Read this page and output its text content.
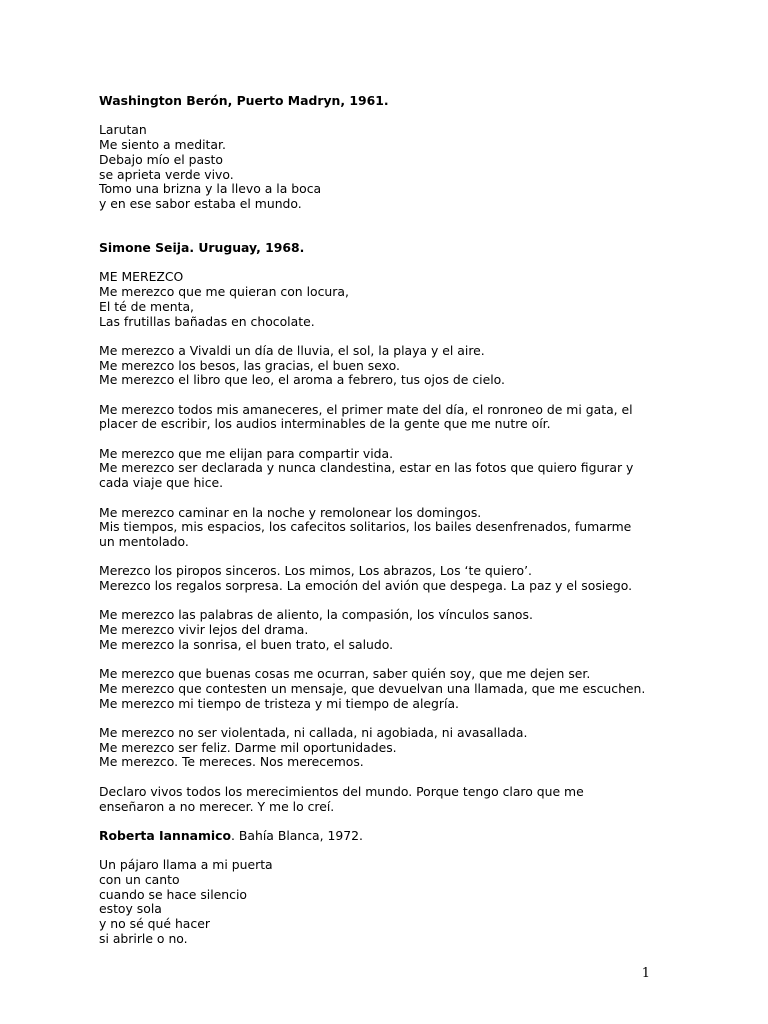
Washington Berón, Puerto Madryn, 1961.

Larutan
Me siento a meditar.
Debajo mío el pasto
se aprieta verde vivo.
Tomo una brizna y la llevo a la boca
y en ese sabor estaba el mundo.

Simone Seija. Uruguay, 1968.

ME MEREZCO
Me merezco que me quieran con locura,
El té de menta,
Las frutillas bañadas en chocolate.
Me merezco a Vivaldi un día de lluvia, el sol, la playa y el aire.
Me merezco los besos, las gracias, el buen sexo.
Me merezco el libro que leo, el aroma a febrero, tus ojos de cielo.
Me merezco todos mis amaneceres, el primer mate del día, el ronroneo de mi gata, el
placer de escribir, los audios interminables de la gente que me nutre oír.
Me merezco que me elijan para compartir vida.
Me merezco ser declarada y nunca clandestina, estar en las fotos que quiero figurar y
cada viaje que hice.
Me merezco caminar en la noche y remolonear los domingos.
Mis tiempos, mis espacios, los cafecitos solitarios, los bailes desenfrenados, fumarme
un mentolado.
Merezco los piropos sinceros. Los mimos, Los abrazos, Los ‘te quiero’.
Merezco los regalos sorpresa. La emoción del avión que despega. La paz y el sosiego.
Me merezco las palabras de aliento, la compasión, los vínculos sanos.
Me merezco vivir lejos del drama.
Me merezco la sonrisa, el buen trato, el saludo.
Me merezco que buenas cosas me ocurran, saber quién soy, que me dejen ser.
Me merezco que contesten un mensaje, que devuelvan una llamada, que me escuchen.
Me merezco mi tiempo de tristeza y mi tiempo de alegría.
Me merezco no ser violentada, ni callada, ni agobiada, ni avasallada.
Me merezco ser feliz. Darme mil oportunidades.
Me merezco. Te mereces. Nos merecemos.
Declaro vivos todos los merecimientos del mundo. Porque tengo claro que me
enseñaron a no merecer. Y me lo creí.

Roberta Iannamico. Bahía Blanca, 1972.

Un pájaro llama a mi puerta
con un canto
cuando se hace silencio
estoy sola
y no sé qué hacer
si abrirle o no.
1
